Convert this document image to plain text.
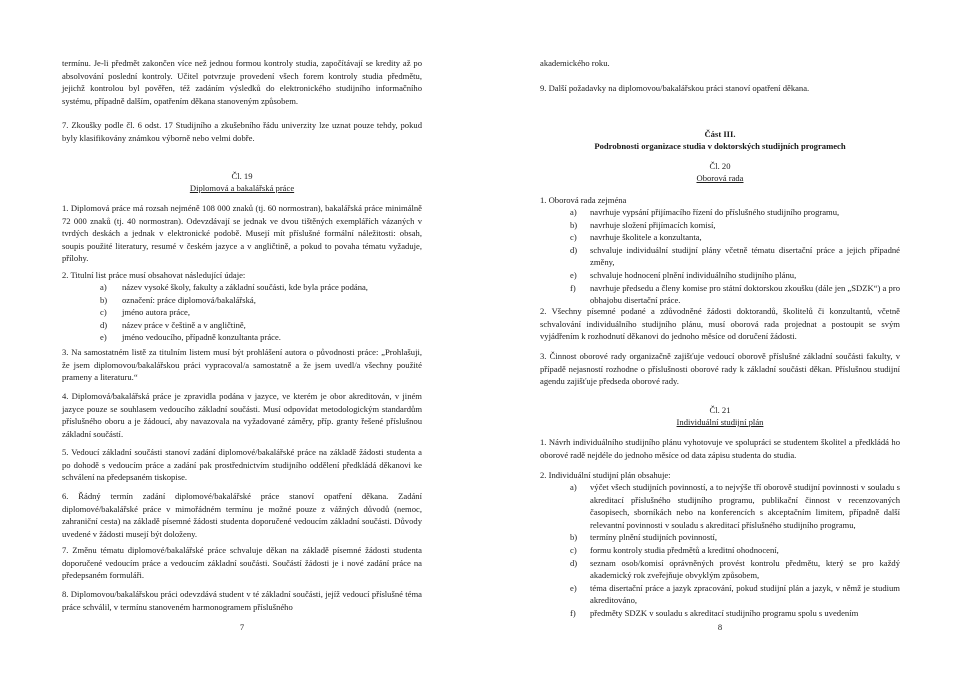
termínu. Je-li předmět zakončen více než jednou formou kontroly studia, započítávají se kredity až po absolvování poslední kontroly. Učitel potvrzuje provedení všech forem kontroly studia předmětu, jejichž kontrolou byl pověřen, též zadáním výsledků do elektronického studijního informačního systému, případně dalším, opatřením děkana stanoveným způsobem.

7. Zkoušky podle čl. 6 odst. 17 Studijního a zkušebního řádu univerzity lze uznat pouze tehdy, pokud byly klasifikovány známkou výborně nebo velmi dobře.

Čl. 19
Diplomová a bakalářská práce

1. Diplomová práce má rozsah nejméně 108 000 znaků (tj. 60 normostran), bakalářská práce minimálně 72 000 znaků (tj. 40 normostran). Odevzdávají se jednak ve dvou tištěných exemplářích vázaných v tvrdých deskách a jednak v elektronické podobě. Musejí mít příslušné formální náležitosti: obsah, soupis použité literatury, resumé v českém jazyce a v angličtině, a pokud to povaha tématu vyžaduje, přílohy.

2. Titulní list práce musí obsahovat následující údaje:

a)	název vysoké školy, fakulty a základní součásti, kde byla práce podána,
b)	označení: práce diplomová/bakalářská,
c)	jméno autora práce,
d)	název práce v češtině a v angličtině,
e)	jméno vedoucího, případně konzultanta práce.

3. Na samostatném listě za titulním listem musí být prohlášení autora o původnosti práce: „Prohlašuji, že jsem diplomovou/bakalářskou práci vypracoval/a samostatně a že jsem uvedl/a všechny použité prameny a literaturu.“

4. Diplomová/bakalářská práce je zpravidla podána v jazyce, ve kterém je obor akreditován, v jiném jazyce pouze se souhlasem vedoucího základní součásti. Musí odpovídat metodologickým standardům příslušného oboru a je žádoucí, aby navazovala na vyžadované záměry, příp. granty řešené příslušnou základní součástí.

5. Vedoucí základní součásti stanoví zadání diplomové/bakalářské práce na základě žádosti studenta a po dohodě s vedoucím práce a zadání pak prostřednictvím studijního oddělení předkládá děkanovi ke schválení na předepsaném tiskopise.

6. Řádný termín zadání diplomové/bakalářské práce stanoví opatření děkana. Zadání diplomové/bakalářské práce v mimořádném termínu je možné pouze z vážných důvodů (nemoc, zahraniční cesta) na základě písemné žádosti studenta doporučené vedoucím základní součásti. Důvody uvedené v žádosti musejí být doloženy.

7. Změnu tématu diplomové/bakalářské práce schvaluje děkan na základě písemné žádosti studenta doporučené vedoucím práce a vedoucím základní součásti. Součástí žádosti je i nové zadání práce na předepsaném formuláři.

8. Diplomovou/bakalářskou práci odevzdává student v té základní součásti, jejíž vedoucí příslušné téma práce schválil, v termínu stanoveném harmonogramem příslušného

7

akademického roku.

9. Další požadavky na diplomovou/bakalářskou práci stanoví opatření děkana.

Část III.
Podrobnosti organizace studia v doktorských studijních programech
Čl. 20
Oborová rada

1. Oborová rada zejména

a)	navrhuje vypsání přijímacího řízení do příslušného studijního programu,
b)	navrhuje složení přijímacích komisí,
c)	navrhuje školitele a konzultanta,
d)	schvaluje individuální studijní plány včetně tématu disertační práce a jejich případné změny,
e)	schvaluje hodnocení plnění individuálního studijního plánu,
f)	navrhuje předsedu a členy komise pro státní doktorskou zkoušku (dále jen „SDZK“) a pro obhajobu disertační práce.

2. Všechny písemné podané a zdůvodněné žádosti doktorandů, školitelů či konzultantů, včetně schvalování individuálního studijního plánu, musí oborová rada projednat a postoupit se svým vyjádřením k rozhodnutí děkanovi do jednoho měsíce od doručení žádosti.

3. Činnost oborové rady organizačně zajišťuje vedoucí oborově příslušné základní součásti fakulty, v případě nejasností rozhodne o příslušnosti oborové rady k základní součásti děkan. Příslušnou studijní agendu zajišťuje předseda oborové rady.

Čl. 21
Individuální studijní plán

1. Návrh individuálního studijního plánu vyhotovuje ve spolupráci se studentem školitel a předkládá ho oborové radě nejdéle do jednoho měsíce od data zápisu studenta do studia.

2. Individuální studijní plán obsahuje:

a)	výčet všech studijních povinností, a to nejvýše tří oborově studijní povinnosti v souladu s akreditací příslušného studijního programu, publikační činnost v recenzovaných časopisech, sborníkách nebo na konferencích s akceptačním limitem, případně další relevantní povinnosti v souladu s akreditací příslušného studijního programu,
b)	termíny plnění studijních povinností,
c)	formu kontroly studia předmětů a kreditní ohodnocení,
d)	seznam osob/komisí oprávněných provést kontrolu předmětu, který se pro každý akademický rok zveřejňuje obvyklým způsobem,
e)	téma disertační práce a jazyk zpracování, pokud studijní plán a jazyk, v němž je studium akreditováno,
f)	předměty SDZK v souladu s akreditací studijního programu spolu s uvedením
8
